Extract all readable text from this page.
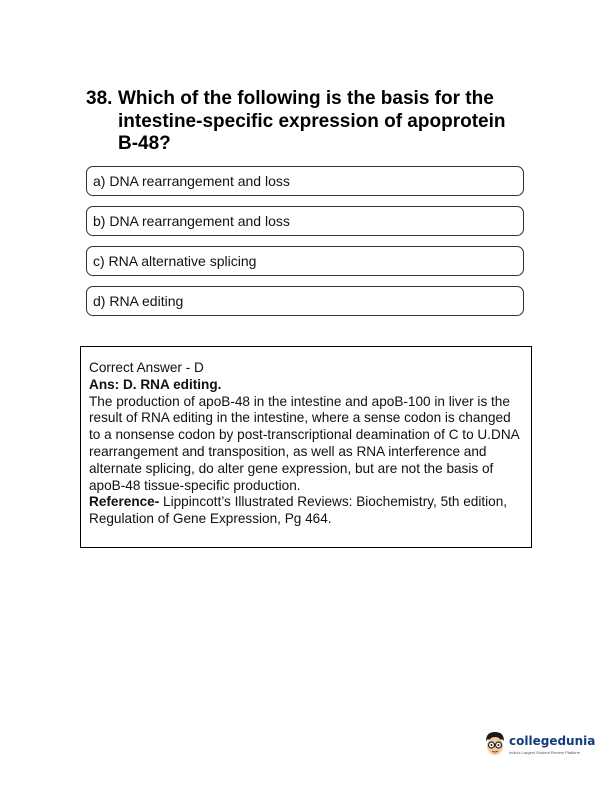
38. Which of the following is the basis for the intestine-specific expression of apoprotein B-48?
a) DNA rearrangement and loss
b) DNA rearrangement and loss
c) RNA alternative splicing
d) RNA editing

Correct Answer - D

Ans: D. RNA editing.

The production of apoB-48 in the intestine and apoB-100 in liver is the result of RNA editing in the intestine, where a sense codon is changed to a nonsense codon by post-transcriptional deamination of C to U.DNA rearrangement and transposition, as well as RNA interference and alternate splicing, do alter gene expression, but are not the basis of apoB-48 tissue-specific production.

Reference- Lippincott’s Illustrated Reviews: Biochemistry, 5th edition, Regulation of Gene Expression, Pg 464.

collegedunia
India's Largest Student Review Platform
